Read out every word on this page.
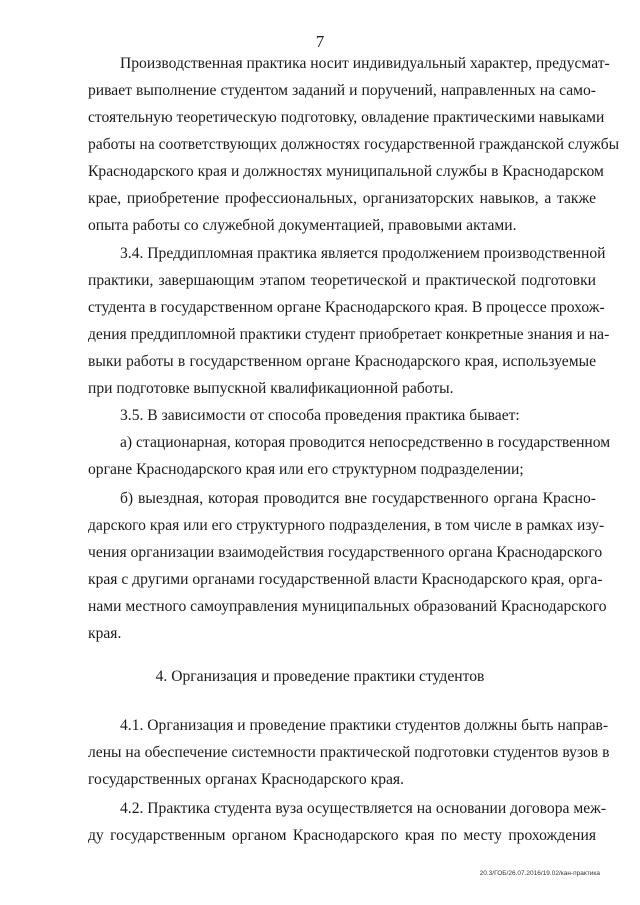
7
Производственная практика носит индивидуальный характер, предусмат-
ривает выполнение студентом заданий и поручений, направленных на само-
стоятельную теоретическую подготовку, овладение практическими навыками
работы на соответствующих должностях государственной гражданской службы
Краснодарского края и должностях муниципальной службы в Краснодарском
крае, приобретение профессиональных, организаторских навыков, а также
опыта работы со служебной документацией, правовыми актами.
3.4. Преддипломная практика является продолжением производственной
практики, завершающим этапом теоретической и практической подготовки
студента в государственном органе Краснодарского края. В процессе прохож-
дения преддипломной практики студент приобретает конкретные знания и на-
выки работы в государственном органе Краснодарского края, используемые
при подготовке выпускной квалификационной работы.
3.5. В зависимости от способа проведения практика бывает:
а) стационарная, которая проводится непосредственно в государственном
органе Краснодарского края или его структурном подразделении;
б) выездная, которая проводится вне государственного органа Красно-
дарского края или его структурного подразделения, в том числе в рамках изу-
чения организации взаимодействия государственного органа Краснодарского
края с другими органами государственной власти Краснодарского края, орга-
нами местного самоуправления муниципальных образований Краснодарского
края.
4. Организация и проведение практики студентов
4.1. Организация и проведение практики студентов должны быть направ-
лены на обеспечение системности практической подготовки студентов вузов в
государственных органах Краснодарского края.
4.2. Практика студента вуза осуществляется на основании договора меж-
ду государственным органом Краснодарского края по месту прохождения
20.3/ГОБ/26.07.2016/19.02/кан-практика
